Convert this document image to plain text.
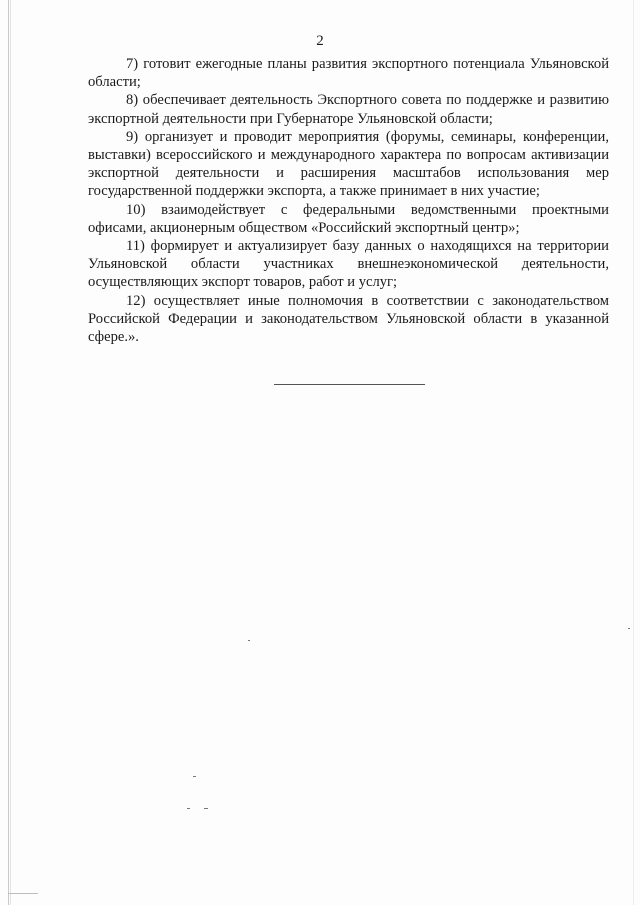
2

7) готовит ежегодные планы развития экспортного потенциала Ульяновской области;

8) обеспечивает деятельность Экспортного совета по поддержке и развитию экспортной деятельности при Губернаторе Ульяновской области;

9) организует и проводит мероприятия (форумы, семинары, конференции, выставки) всероссийского и международного характера по вопросам активизации экспортной деятельности и расширения масштабов использования мер государственной поддержки экспорта, а также принимает в них участие;

10) взаимодействует с федеральными ведомственными проектными офисами, акционерным обществом «Российский экспортный центр»;

11) формирует и актуализирует базу данных о находящихся на территории Ульяновской области участниках внешнеэкономической деятельности, осуществляющих экспорт товаров, работ и услуг;

12) осуществляет иные полномочия в соответствии с законодательством Российской Федерации и законодательством Ульяновской области в указанной сфере.».
